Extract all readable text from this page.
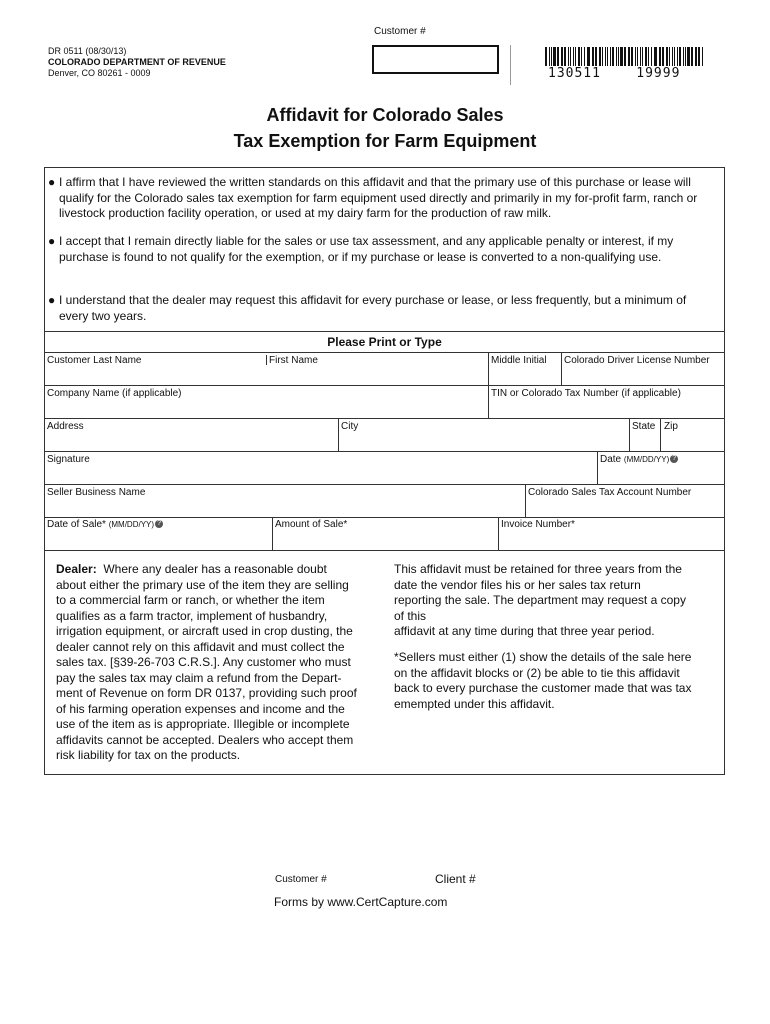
DR 0511 (08/30/13)
COLORADO DEPARTMENT OF REVENUE
Denver, CO 80261 - 0009
Customer #
130511    19999
Affidavit for Colorado Sales
Tax Exemption for Farm Equipment
● I affirm that I have reviewed the written standards on this affidavit and that the primary use of this purchase or lease will qualify for the Colorado sales tax exemption for farm equipment used directly and primarily in my for-profit farm, ranch or livestock production facility operation, or used at my dairy farm for the production of raw milk.
● I accept that I remain directly liable for the sales or use tax assessment, and any applicable penalty or interest, if my purchase is found to not qualify for the exemption, or if my purchase or lease is converted to a non-qualifying use.
● I understand that the dealer may request this affidavit for every purchase or lease, or less frequently, but a minimum of every two years.
Please Print or Type
Customer Last Name	First Name	Middle Initial Colorado Driver License Number
Company Name (if applicable)	TIN or Colorado Tax Number (if applicable)
Address	City	State Zip
Signature	Date (MM/DD/YY) ?
Seller Business Name	Colorado Sales Tax Account Number
Date of Sale* (MM/DD/YY) ?	Amount of Sale*	Invoice Number*
Dealer: Where any dealer has a reasonable doubt
about either the primary use of the item they are selling
to a commercial farm or ranch, or whether the item
qualifies as a farm tractor, implement of husbandry,
irrigation equipment, or aircraft used in crop dusting, the
dealer cannot rely on this affidavit and must collect the
sales tax. [§39-26-703 C.R.S.]. Any customer who must
pay the sales tax may claim a refund from the Depart-
ment of Revenue on form DR 0137, providing such proof
of his farming operation expenses and income and the
use of the item as is appropriate. Illegible or incomplete
affidavits cannot be accepted. Dealers who accept them
risk liability for tax on the products.
This affidavit must be retained for three years from the
date the vendor files his or her sales tax return
reporting the sale. The department may request a copy
of this
affidavit at any time during that three year period.
*Sellers must either (1) show the details of the sale here
on the affidavit blocks or (2) be able to tie this affidavit
back to every purchase the customer made that was tax
emempted under this affidavit.
Customer #	Client #
Forms by www.CertCapture.com
